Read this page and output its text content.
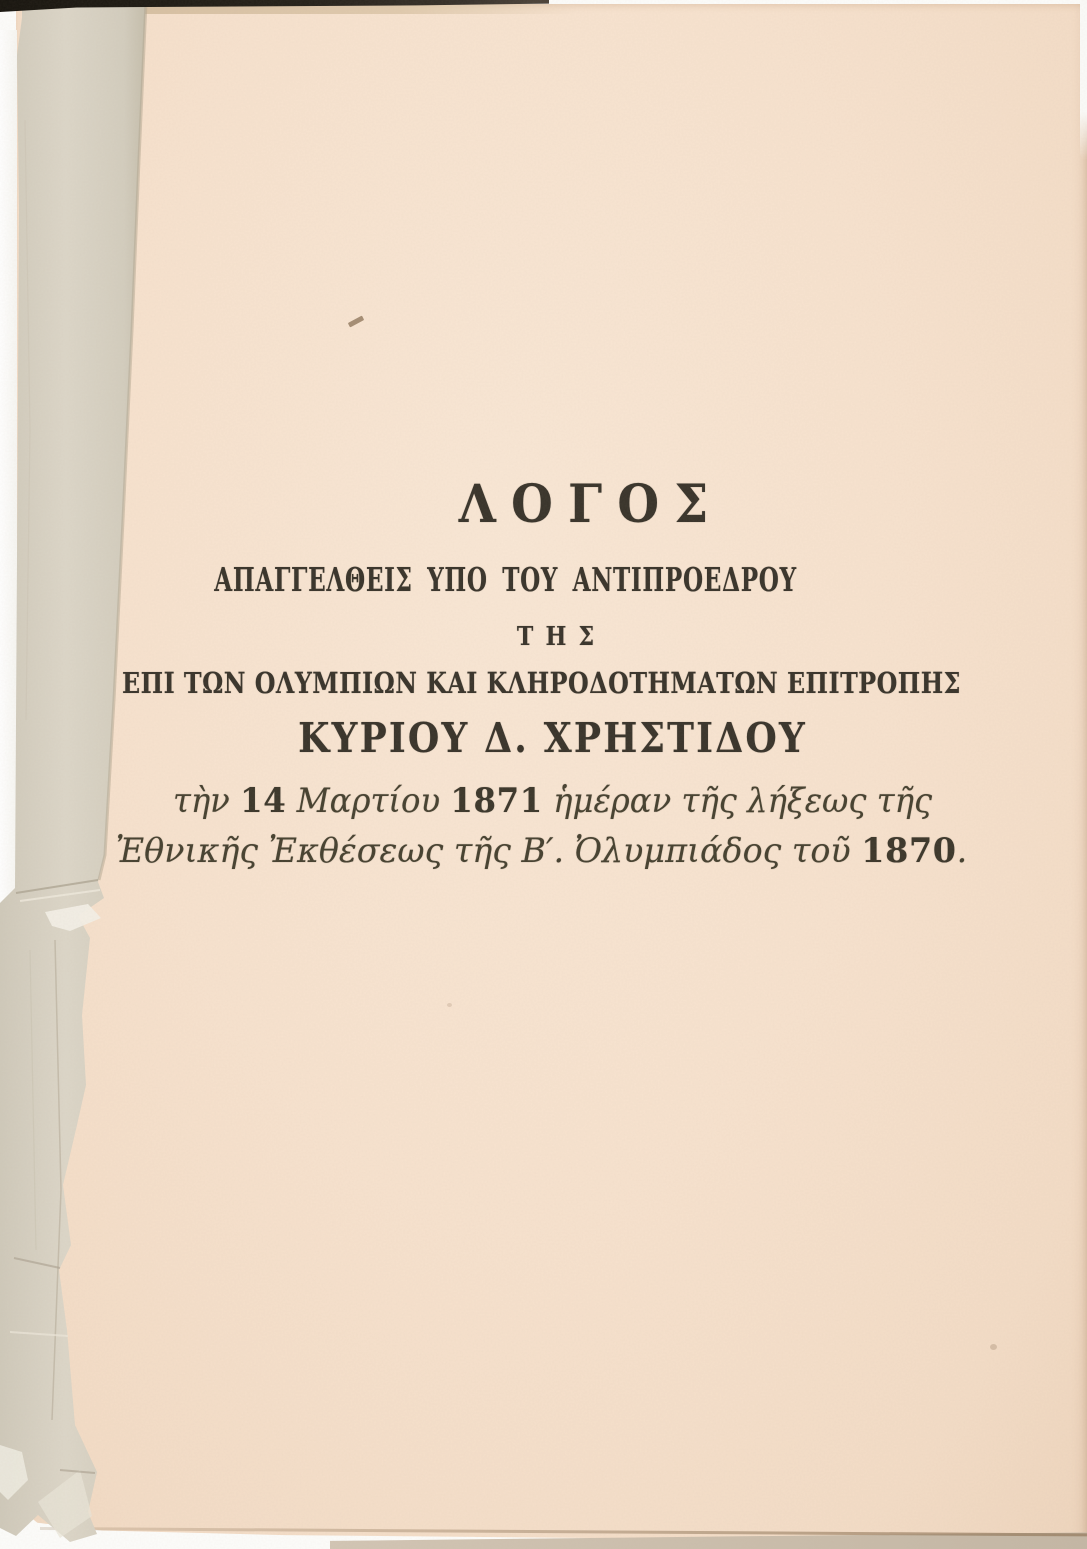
ΛΟΓΟΣ
ΑΠΑΓΓΕΛΘΕΙΣ ΥΠΟ ΤΟΥ ΑΝΤΙΠΡΟΕΔΡΟΥ
ΤΗΣ
ΕΠΙ ΤΩΝ ΟΛΥΜΠΙΩΝ ΚΑΙ ΚΛΗΡΟΔΟΤΗΜΑΤΩΝ ΕΠΙΤΡΟΠΗΣ
ΚΥΡΙΟΥ Δ. ΧΡΗΣΤΙΔΟΥ
τὴν 14 Μαρτίου 1871 ἡμέραν τῆς λήξεως τῆς
Ἐθνικῆς Ἐκθέσεως τῆς Β′. Ὀλυμπιάδος τοῦ 1870.
